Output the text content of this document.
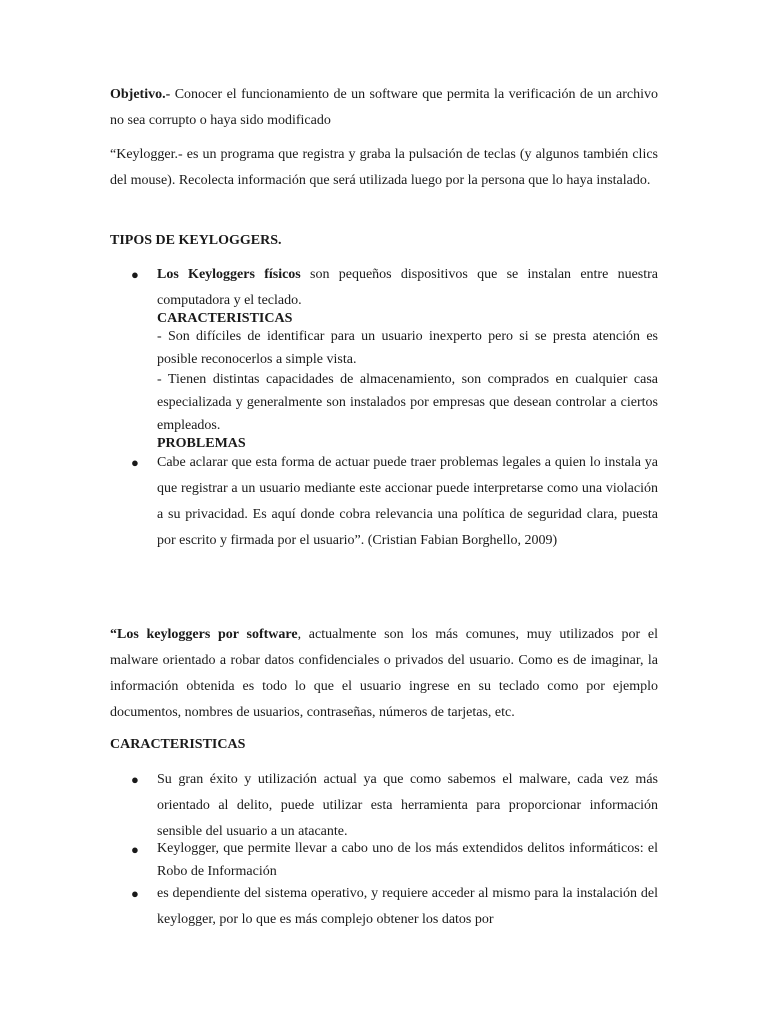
Objetivo.- Conocer el funcionamiento de un software que permita la verificación de un archivo no sea corrupto o haya sido modificado

“Keylogger.- es un programa que registra y graba la pulsación de teclas (y algunos también clics del mouse). Recolecta información que será utilizada luego por la persona que lo haya instalado.

TIPOS DE KEYLOGGERS.

● Los Keyloggers físicos son pequeños dispositivos que se instalan entre nuestra computadora y el teclado.

CARACTERISTICAS

- Son difíciles de identificar para un usuario inexperto pero si se presta atención es posible reconocerlos a simple vista.

- Tienen distintas capacidades de almacenamiento, son comprados en cualquier casa especializada y generalmente son instalados por empresas que desean controlar a ciertos empleados.

PROBLEMAS

● Cabe aclarar que esta forma de actuar puede traer problemas legales a quien lo instala ya que registrar a un usuario mediante este accionar puede interpretarse como una violación a su privacidad. Es aquí donde cobra relevancia una política de seguridad clara, puesta por escrito y firmada por el usuario”. (Cristian Fabian Borghello, 2009)

“Los keyloggers por software, actualmente son los más comunes, muy utilizados por el malware orientado a robar datos confidenciales o privados del usuario. Como es de imaginar, la información obtenida es todo lo que el usuario ingrese en su teclado como por ejemplo documentos, nombres de usuarios, contraseñas, números de tarjetas, etc.

CARACTERISTICAS

● Su gran éxito y utilización actual ya que como sabemos el malware, cada vez más orientado al delito, puede utilizar esta herramienta para proporcionar información sensible del usuario a un atacante.

● Keylogger, que permite llevar a cabo uno de los más extendidos delitos informáticos: el Robo de Información

● es dependiente del sistema operativo, y requiere acceder al mismo para la instalación del keylogger, por lo que es más complejo obtener los datos por
